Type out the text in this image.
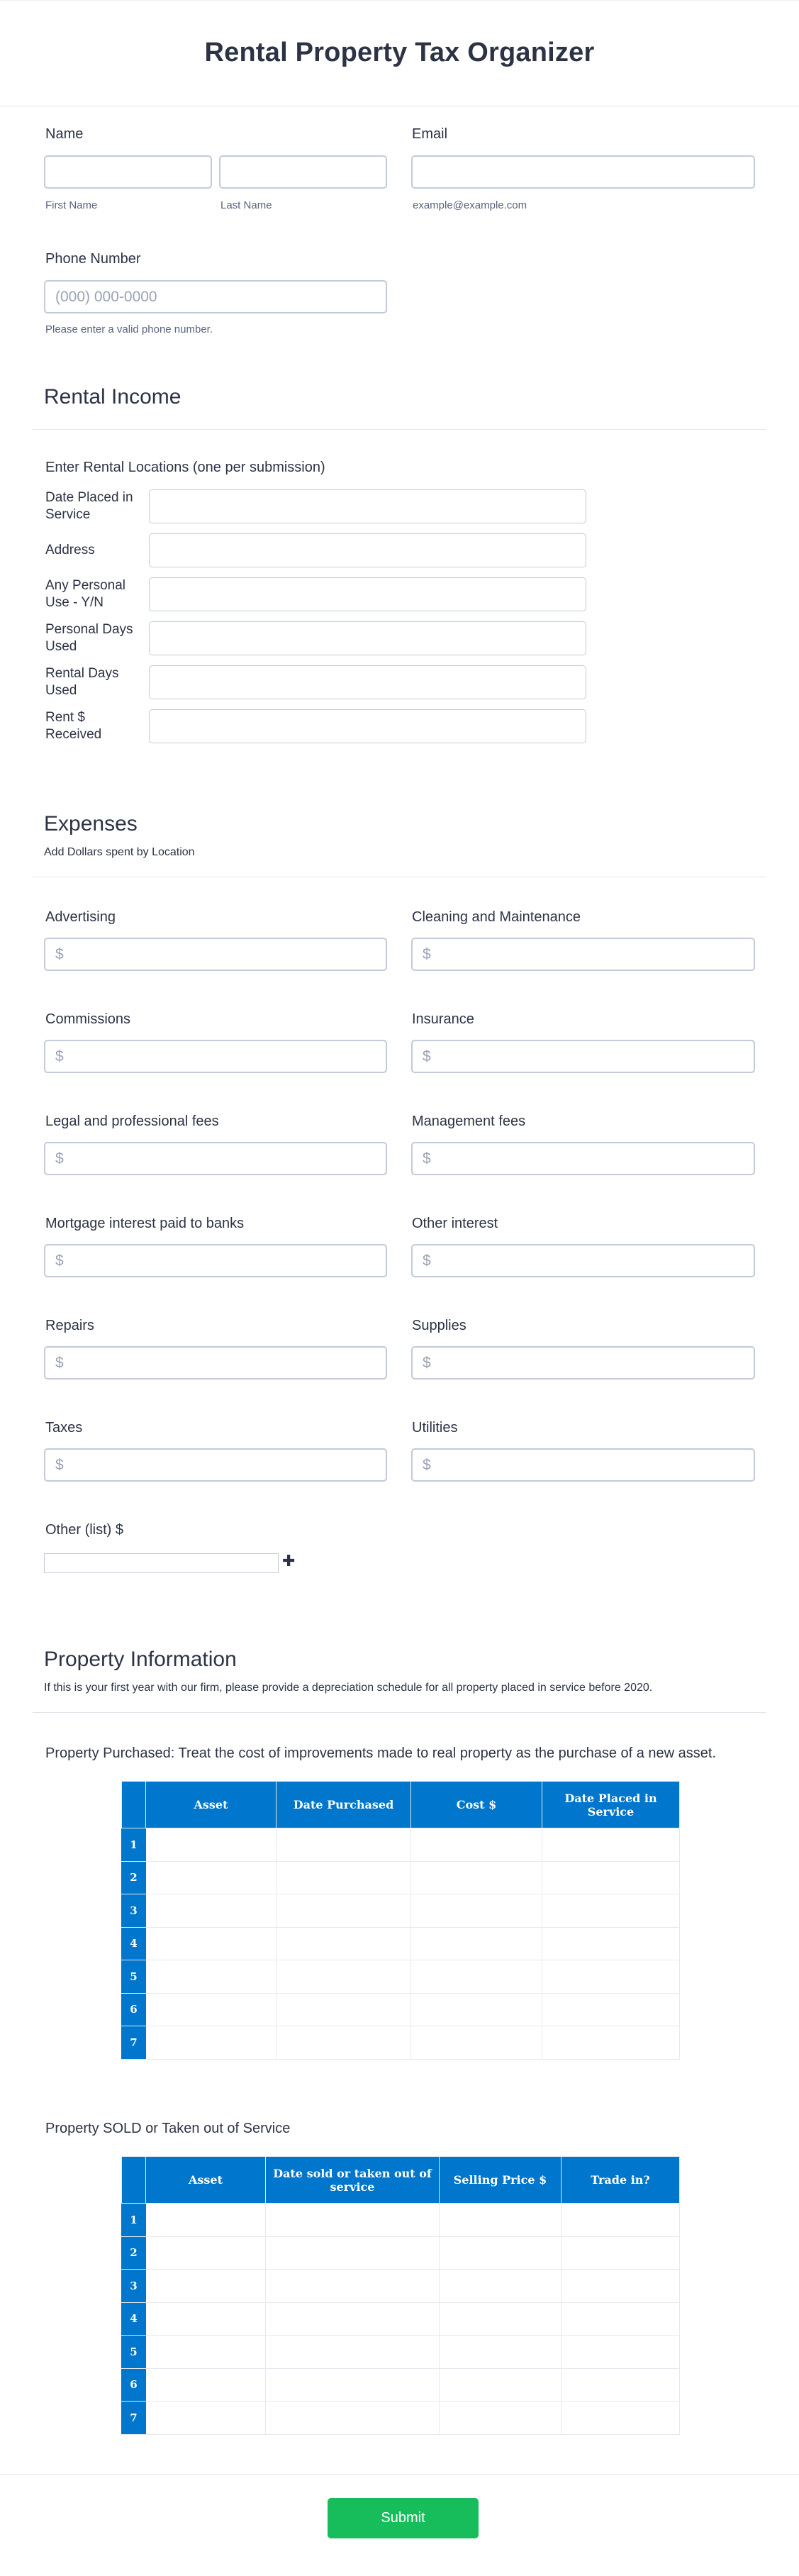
Rental Property Tax Organizer
Name
First Name	Last Name
Email
example@example.com
Phone Number
(000) 000-0000
Please enter a valid phone number.
Rental Income
Enter Rental Locations (one per submission)
Date Placed in Service
Address
Any Personal Use - Y/N
Personal Days Used
Rental Days Used
Rent $ Received
Expenses
Add Dollars spent by Location
Advertising
$
Cleaning and Maintenance
$
Commissions
$
Insurance
$
Legal and professional fees
$
Management fees
$
Mortgage interest paid to banks
$
Other interest
$
Repairs
$
Supplies
$
Taxes
$
Utilities
$
Other (list) $
✚
Property Information
If this is your first year with our firm, please provide a depreciation schedule for all property placed in service before 2020.
Property Purchased: Treat the cost of improvements made to real property as the purchase of a new asset.
	Asset	Date Purchased	Cost $	Date Placed in Service
1				
2				
3				
4				
5				
6				
7				
Property SOLD or Taken out of Service
	Asset	Date sold or taken out of service	Selling Price $	Trade in?
1				
2				
3				
4				
5				
6				
7				
Submit
